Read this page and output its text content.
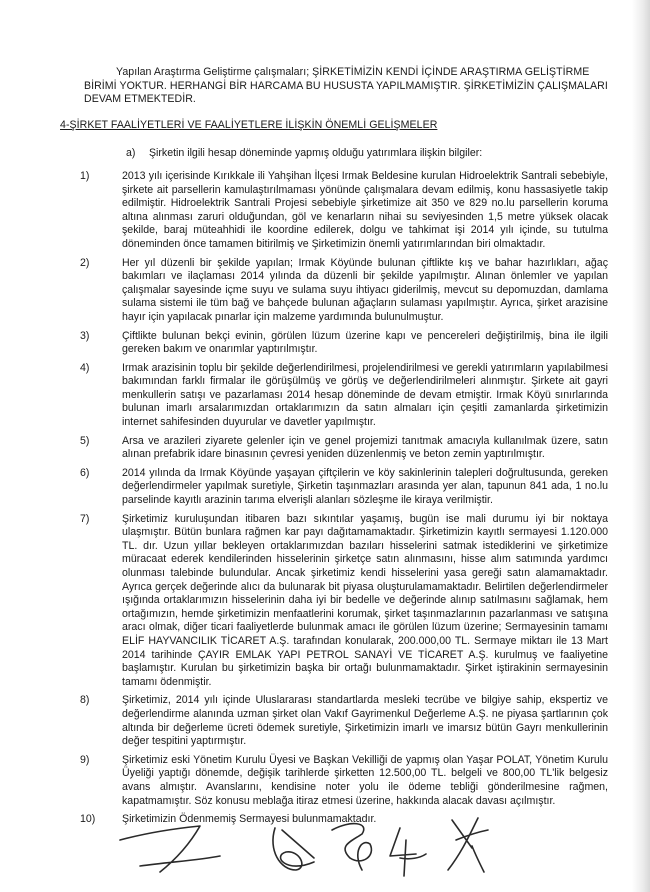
Yapılan Araştırma Geliştirme çalışmaları; ŞİRKETİMİZİN KENDİ İÇİNDE ARAŞTIRMA GELİŞTİRME BİRİMİ YOKTUR. HERHANGİ BİR HARCAMA BU HUSUSTA YAPILMAMIŞTIR. ŞİRKETİMİZİN ÇALIŞMALARI DEVAM ETMEKTEDİR.

4-ŞİRKET FAALİYETLERİ VE FAALİYETLERE İLİŞKİN ÖNEMLİ GELİŞMELER
a) Şirketin ilgili hesap döneminde yapmış olduğu yatırımlara ilişkin bilgiler:
1)	2013 yılı içerisinde Kırıkkale ili Yahşihan İlçesi Irmak Beldesine kurulan Hidroelektrik Santrali sebebiyle, şirkete ait parsellerin kamulaştırılmaması yönünde çalışmalara devam edilmiş, konu hassasiyetle takip edilmiştir. Hidroelektrik Santrali Projesi sebebiyle şirketimize ait 350 ve 829 no.lu parsellerin koruma altına alınması zaruri olduğundan, göl ve kenarların nihai su seviyesinden 1,5 metre yüksek olacak şekilde, baraj müteahhidi ile koordine edilerek, dolgu ve tahkimat işi 2014 yılı içinde, su tutulma döneminden önce tamamen bitirilmiş ve Şirketimizin önemli yatırımlarından biri olmaktadır.
2)	Her yıl düzenli bir şekilde yapılan; Irmak Köyünde bulunan çiftlikte kış ve bahar hazırlıkları, ağaç bakımları ve ilaçlaması 2014 yılında da düzenli bir şekilde yapılmıştır. Alınan önlemler ve yapılan çalışmalar sayesinde içme suyu ve sulama suyu ihtiyacı giderilmiş, mevcut su depomuzdan, damlama sulama sistemi ile tüm bağ ve bahçede bulunan ağaçların sulaması yapılmıştır. Ayrıca, şirket arazisine hayır için yapılacak pınarlar için malzeme yardımında bulunulmuştur.
3)	Çiftlikte bulunan bekçi evinin, görülen lüzum üzerine kapı ve pencereleri değiştirilmiş, bina ile ilgili gereken bakım ve onarımlar yaptırılmıştır.
4)	Irmak arazisinin toplu bir şekilde değerlendirilmesi, projelendirilmesi ve gerekli yatırımların yapılabilmesi bakımından farklı firmalar ile görüşülmüş ve görüş ve değerlendirilmeleri alınmıştır. Şirkete ait gayri menkullerin satışı ve pazarlaması 2014 hesap döneminde de devam etmiştir. Irmak Köyü sınırlarında bulunan imarlı arsalarımızdan ortaklarımızın da satın almaları için çeşitli zamanlarda şirketimizin internet sahifesinden duyurular ve davetler yapılmıştır.
5)	Arsa ve arazileri ziyarete gelenler için ve genel projemizi tanıtmak amacıyla kullanılmak üzere, satın alınan prefabrik idare binasının çevresi yeniden düzenlenmiş ve beton zemin yaptırılmıştır.
6)	2014 yılında da Irmak Köyünde yaşayan çiftçilerin ve köy sakinlerinin talepleri doğrultusunda, gereken değerlendirmeler yapılmak suretiyle, Şirketin taşınmazları arasında yer alan, tapunun 841 ada, 1 no.lu parselinde kayıtlı arazinin tarıma elverişli alanları sözleşme ile kiraya verilmiştir.
7)	Şirketimiz kuruluşundan itibaren bazı sıkıntılar yaşamış, bugün ise mali durumu iyi bir noktaya ulaşmıştır. Bütün bunlara rağmen kar payı dağıtamamaktadır. Şirketimizin kayıtlı sermayesi 1.120.000 TL. dır. Uzun yıllar bekleyen ortaklarımızdan bazıları hisselerini satmak istediklerini ve şirketimize müracaat ederek kendilerinden hisselerinin şirketçe satın alınmasını, hisse alım satımında yardımcı olunması talebinde bulundular. Ancak şirketimiz kendi hisselerini yasa gereği satın alamamaktadır. Ayrıca gerçek değerinde alıcı da bulunarak bit piyasa oluşturulamamaktadır. Belirtilen değerlendirmeler ışığında ortaklarımızın hisselerinin daha iyi bir bedelle ve değerinde alınıp satılmasını sağlamak, hem ortağımızın, hemde şirketimizin menfaatlerini korumak, şirket taşınmazlarının pazarlanması ve satışına aracı olmak, diğer ticari faaliyetlerde bulunmak amacı ile görülen lüzum üzerine; Sermayesinin tamamı ELİF HAYVANCILIK TİCARET A.Ş. tarafından konularak, 200.000,00 TL. Sermaye miktarı ile 13 Mart 2014 tarihinde ÇAYIR EMLAK YAPI PETROL SANAYİ VE TİCARET A.Ş. kurulmuş ve faaliyetine başlamıştır. Kurulan bu şirketimizin başka bir ortağı bulunmamaktadır. Şirket iştirakinin sermayesinin tamamı ödenmiştir.
8)	Şirketimiz, 2014 yılı içinde Uluslararası standartlarda mesleki tecrübe ve bilgiye sahip, ekspertiz ve değerlendirme alanında uzman şirket olan Vakıf Gayrimenkul Değerleme A.Ş. ne piyasa şartlarının çok altında bir değerleme ücreti ödemek suretiyle, Şirketimizin imarlı ve imarsız bütün Gayrı menkullerinin değer tespitini yaptırmıştır.
9)	Şirketimiz eski Yönetim Kurulu Üyesi ve Başkan Vekilliği de yapmış olan Yaşar POLAT, Yönetim Kurulu Üyeliği yaptığı dönemde, değişik tarihlerde şirketten 12.500,00 TL. belgeli ve 800,00 TL'lik belgesiz avans almıştır. Avanslarını, kendisine noter yolu ile ödeme tebliği gönderilmesine rağmen, kapatmamıştır. Söz konusu meblağa itiraz etmesi üzerine, hakkında alacak davası açılmıştır.
10)	Şirketimizin Ödenmemiş Sermayesi bulunmamaktadır.
